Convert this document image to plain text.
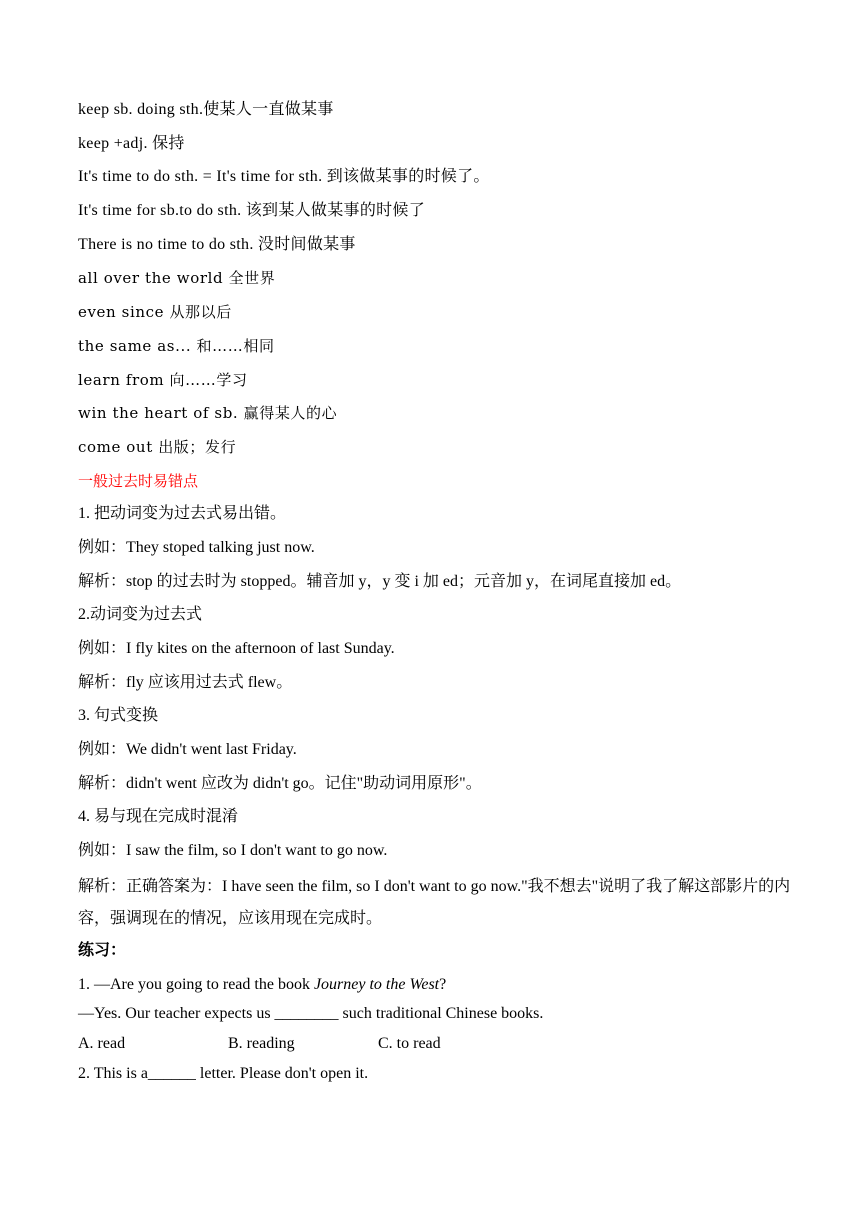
keep sb. doing sth.使某人一直做某事
keep +adj. 保持
It's time to do sth. = It's time for sth. 到该做某事的时候了。
It's time for sb.to do sth. 该到某人做某事的时候了
There is no time to do sth. 没时间做某事
all over the world 全世界
even since 从那以后
the same as... 和……相同
learn from 向……学习
win the heart of sb. 赢得某人的心
come out 出版；发行
一般过去时易错点
1. 把动词变为过去式易出错。
例如：They stoped talking just now.
解析：stop 的过去时为 stopped。辅音加 y，y 变 i 加 ed；元音加 y，在词尾直接加 ed。
2.动词变为过去式
例如：I fly kites on the afternoon of last Sunday.
解析：fly 应该用过去式 flew。
3. 句式变换
例如：We didn't went last Friday.
解析：didn't went 应改为 didn't go。记住"助动词用原形"。
4. 易与现在完成时混淆
例如：I saw the film, so I don't want to go now.
解析：正确答案为：I have seen the film, so I don't want to go now."我不想去"说明了我了解这部影片的内容，强调现在的情况，应该用现在完成时。
练习：
1. —Are you going to read the book Journey to the West?
—Yes. Our teacher expects us ________ such traditional Chinese books.
A. read	B. reading	C. to read
2. This is a______ letter. Please don't open it.
